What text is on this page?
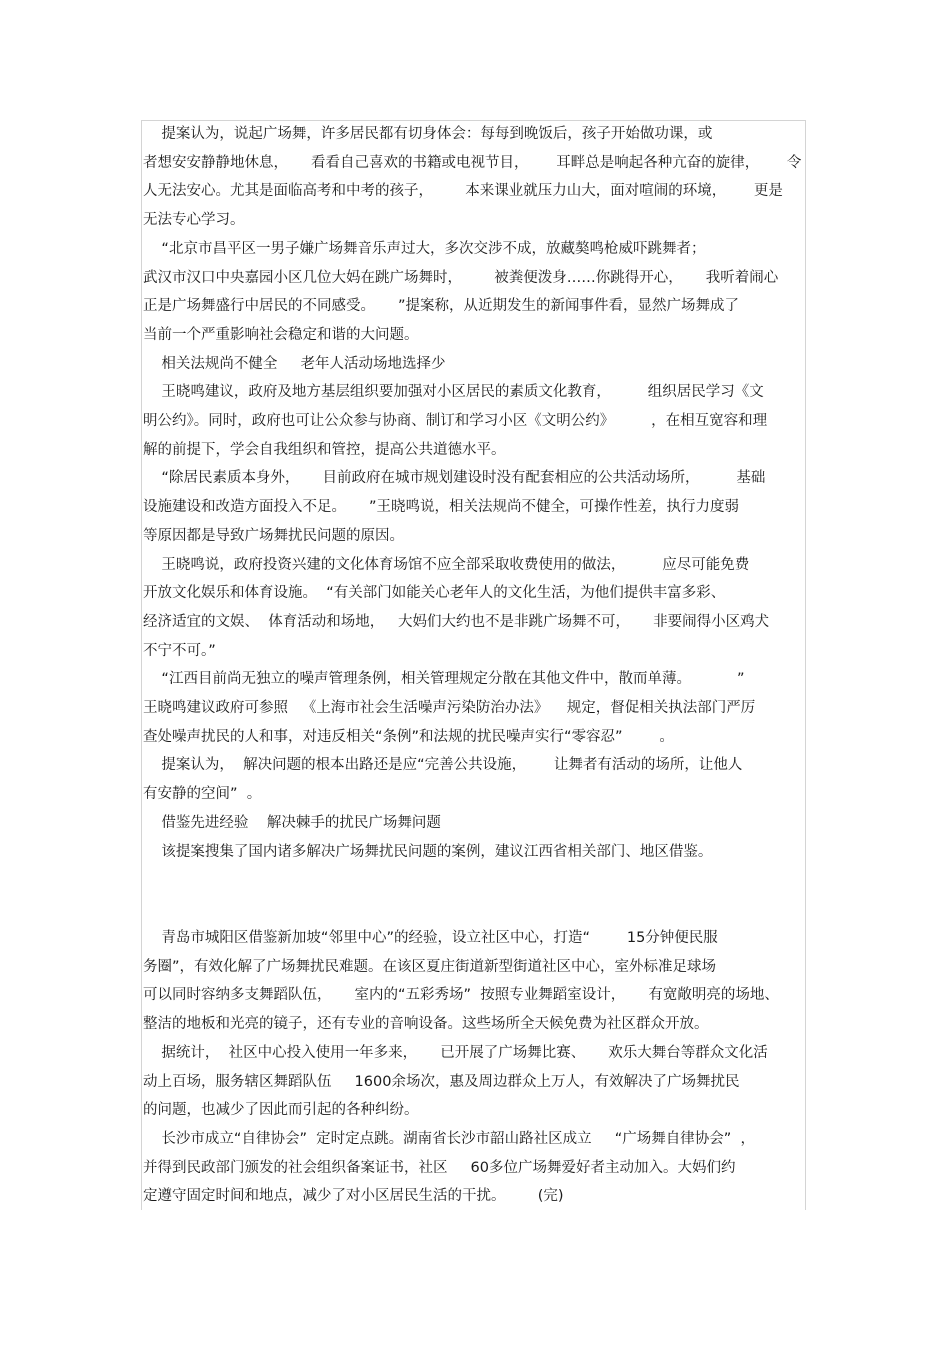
提案认为，说起广场舞，许多居民都有切身体会：每每到晚饭后，孩子开始做功课，或

者想安安静静地休息，     看看自己喜欢的书籍或电视节目，      耳畔总是响起各种亢奋的旋律，      令

人无法安心。尤其是面临高考和中考的孩子，       本来课业就压力山大，面对喧闹的环境，      更是

无法专心学习。

“北京市昌平区一男子嫌广场舞音乐声过大，多次交涉不成，放藏獒鸣枪威吓跳舞者；

武汉市汉口中央嘉园小区几位大妈在跳广场舞时，       被粪便泼身……你跳得开心，     我听着闹心

正是广场舞盛行中居民的不同感受。     ”提案称，从近期发生的新闻事件看，显然广场舞成了

当前一个严重影响社会稳定和谐的大问题。

相关法规尚不健全     老年人活动场地选择少

王晓鸣建议，政府及地方基层组织要加强对小区居民的素质文化教育，        组织居民学习《文

明公约》。同时，政府也可让公众参与协商、制订和学习小区《文明公约》        ，在相互宽容和理

解的前提下，学会自我组织和管控，提高公共道德水平。

“除居民素质本身外，     目前政府在城市规划建设时没有配套相应的公共活动场所，        基础

设施建设和改造方面投入不足。     ”王晓鸣说，相关法规尚不健全，可操作性差，执行力度弱

等原因都是导致广场舞扰民问题的原因。

王晓鸣说，政府投资兴建的文化体育场馆不应全部采取收费使用的做法，        应尽可能免费

开放文化娱乐和体育设施。  “有关部门如能关心老年人的文化生活，为他们提供丰富多彩、

经济适宜的文娱、  体育活动和场地，   大妈们大约也不是非跳广场舞不可，     非要闹得小区鸡犬

不宁不可。”

“江西目前尚无独立的噪声管理条例，相关管理规定分散在其他文件中，散而单薄。          ”

王晓鸣建议政府可参照   《上海市社会生活噪声污染防治办法》    规定，督促相关执法部门严厉

查处噪声扰民的人和事，对违反相关“条例”和法规的扰民噪声实行“零容忍”        。

提案认为，  解决问题的根本出路还是应“完善公共设施，      让舞者有活动的场所，让他人

有安静的空间”  。

借鉴先进经验    解决棘手的扰民广场舞问题

该提案搜集了国内诸多解决广场舞扰民问题的案例，建议江西省相关部门、地区借鉴。

青岛市城阳区借鉴新加坡“邻里中心”的经验，设立社区中心，打造“        15分钟便民服

务圈”，有效化解了广场舞扰民难题。在该区夏庄街道新型街道社区中心，室外标准足球场

可以同时容纳多支舞蹈队伍，     室内的“五彩秀场”  按照专业舞蹈室设计，     有宽敞明亮的场地、

整洁的地板和光亮的镜子，还有专业的音响设备。这些场所全天候免费为社区群众开放。

据统计，  社区中心投入使用一年多来，     已开展了广场舞比赛、     欢乐大舞台等群众文化活

动上百场，服务辖区舞蹈队伍     1600余场次，惠及周边群众上万人，有效解决了广场舞扰民

的问题，也减少了因此而引起的各种纠纷。

长沙市成立“自律协会”  定时定点跳。湖南省长沙市韶山路社区成立     “广场舞自律协会”  ，

并得到民政部门颁发的社会组织备案证书，社区     60多位广场舞爱好者主动加入。大妈们约

定遵守固定时间和地点，减少了对小区居民生活的干扰。       (完)
